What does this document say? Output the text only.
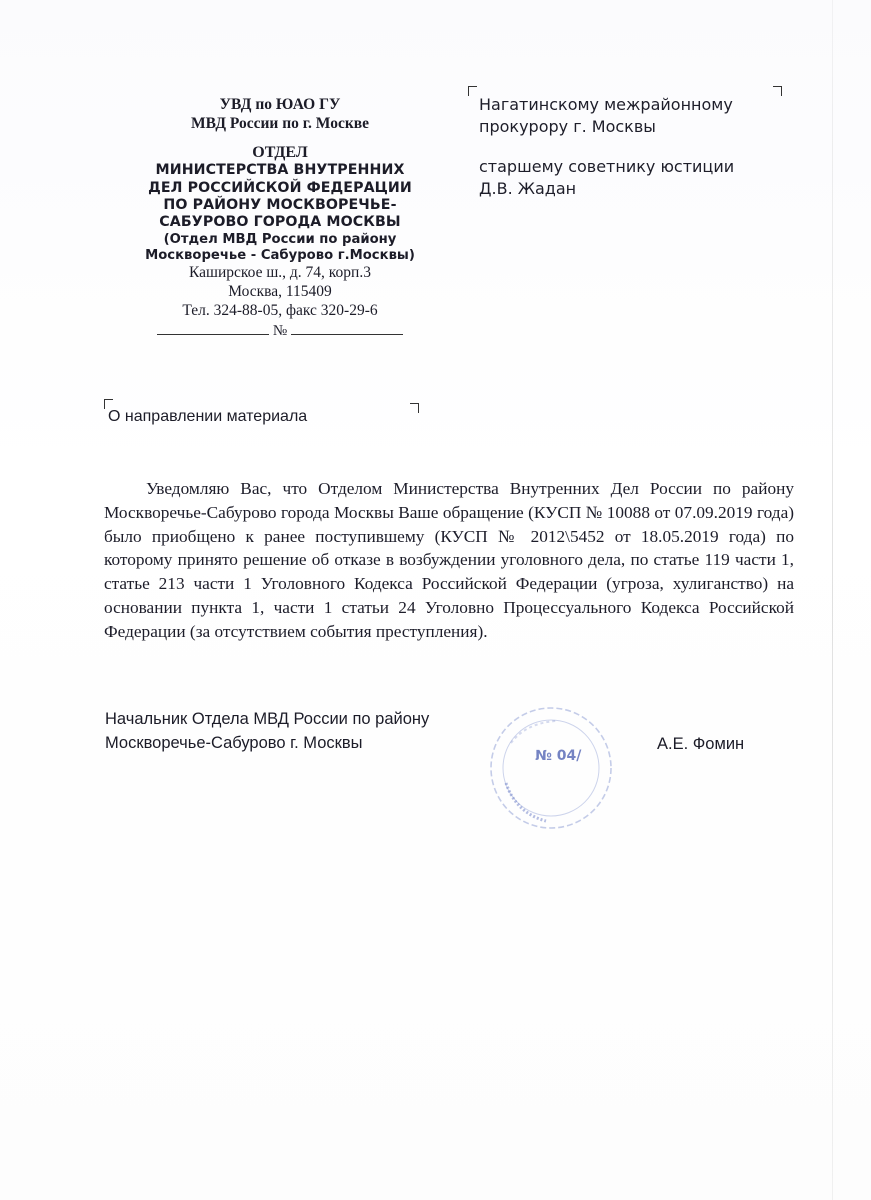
УВД по ЮАО ГУ
МВД России по г. Москве
ОТДЕЛ
МИНИСТЕРСТВА ВНУТРЕННИХ
ДЕЛ РОССИЙСКОЙ ФЕДЕРАЦИИ
ПО РАЙОНУ МОСКВОРЕЧЬЕ-
САБУРОВО ГОРОДА МОСКВЫ
(Отдел МВД России по району
Москворечье - Сабурово г.Москвы)
Каширское ш., д. 74, корп.3
Москва, 115409
Тел. 324-88-05, факс 320-29-6
№
Нагатинскому межрайонному
прокурору г. Москвы
старшему советнику юстиции
Д.В. Жадан
О направлении материала
Уведомляю Вас, что Отделом Министерства Внутренних Дел России по району Москворечье-Сабурово города Москвы Ваше обращение (КУСП № 10088 от 07.09.2019 года) было приобщено к ранее поступившему (КУСП № 2012\5452 от 18.05.2019 года) по которому принято решение об отказе в возбуждении уголовного дела, по статье 119 части 1, статье 213 части 1 Уголовного Кодекса Российской Федерации (угроза, хулиганство) на основании пункта 1, части 1 статьи 24 Уголовно Процессуального Кодекса Российской Федерации (за отсутствием события преступления).
Начальник Отдела МВД России по району
Москворечье-Сабурово г. Москвы	А.Е. Фомин
№ 04/
